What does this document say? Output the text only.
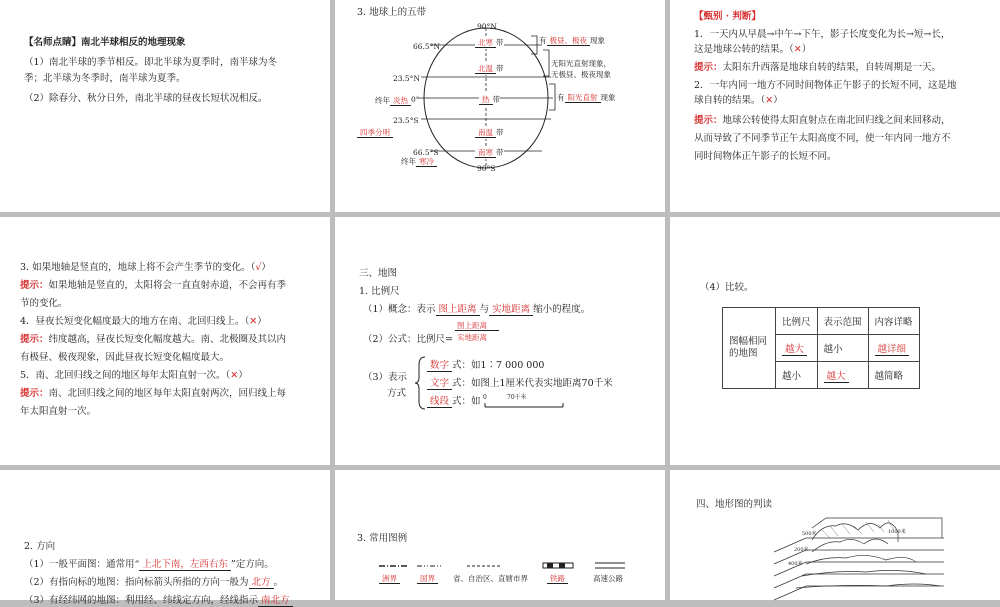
【名师点睛】南北半球相反的地理现象
（1）南北半球的季节相反。即北半球为夏季时，南半球为冬
季；北半球为冬季时，南半球为夏季。
（2）除春分、秋分日外，南北半球的昼夜长短状况相反。
3. 地球上的五带
90°N
66.5°N
23.5°N
0°
23.5°S
66.5°S
90°S
北寒 带
北温 带
热 带
南温 带
南寒 带
有 极昼、极夜 现象
无阳光直射现象，
无极昼、极夜现象
有 阳光直射 现象
终年 炎热
四季分明
终年 寒冷
【甄别 · 判断】
1．一天内从早晨→中午→下午，影子长度变化为长→短→长，
这是地球公转的结果。（✕）
提示：太阳东升西落是地球自转的结果，自转周期是一天。
2．一年内同一地方不同时间物体正午影子的长短不同，这是地
球自转的结果。（✕）
提示：地球公转使得太阳直射点在南北回归线之间来回移动，
从而导致了不同季节正午太阳高度不同，使一年内同一地方不
同时间物体正午影子的长短不同。
3. 如果地轴是竖直的，地球上将不会产生季节的变化。（√）
提示：如果地轴是竖直的，太阳将会一直直射赤道，不会再有季
节的变化。
4．昼夜长短变化幅度最大的地方在南、北回归线上。（✕）
提示：纬度越高，昼夜长短变化幅度越大。南、北极圈及其以内
有极昼、极夜现象，因此昼夜长短变化幅度最大。
5．南、北回归线之间的地区每年太阳直射一次。（✕）
提示：南、北回归线之间的地区每年太阳直射两次，回归线上每
年太阳直射一次。
三、地图
1. 比例尺
（1）概念：表示 图上距离 与 实地距离 缩小的程度。
（2）公式：比例尺=
图上距离
实地距离
（3）表示
方式
数字 式：如1∶7 000 000
文字 式：如图上1厘米代表实地距离70千米
线段 式：如 0	70千米
（4）比较。
图幅相同的地图	比例尺	表示范围	内容详略
	越大	越小	越详细
	越小	越大	越简略
2. 方向
（1）一般平面图：通常用“ 上北下南，左西右东 ”定方向。
（2）有指向标的地图：指向标箭头所指的方向一般为 北方 。
（3）有经纬网的地图：利用经、纬线定方向，经线指示 南北方
3. 常用图例
洲界	国界	省、自治区、直辖市界	铁路	高速公路
四、地形图的判读
500米
200米
400米
1000米
